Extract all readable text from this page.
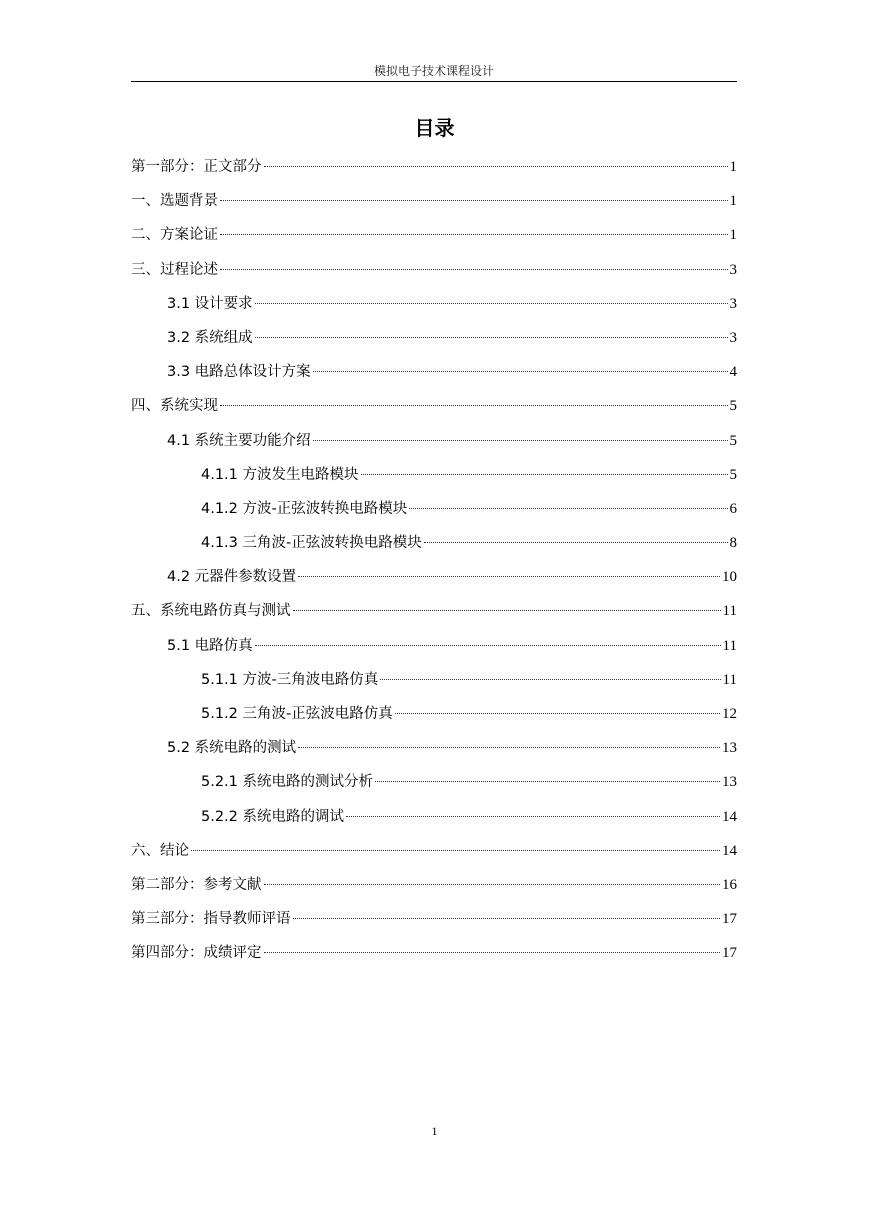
模拟电子技术课程设计
目录
第一部分：正文部分	1
一、选题背景	1
二、方案论证	1
三、过程论述	3
3.1 设计要求	3
3.2 系统组成	3
3.3 电路总体设计方案	4
四、系统实现	5
4.1 系统主要功能介绍	5
4.1.1 方波发生电路模块	5
4.1.2 方波-正弦波转换电路模块	6
4.1.3 三角波-正弦波转换电路模块	8
4.2 元器件参数设置	10
五、系统电路仿真与测试	11
5.1 电路仿真	11
5.1.1 方波-三角波电路仿真	11
5.1.2 三角波-正弦波电路仿真	12
5.2 系统电路的测试	13
5.2.1 系统电路的测试分析	13
5.2.2 系统电路的调试	14
六、结论	14
第二部分：参考文献	16
第三部分：指导教师评语	17
第四部分：成绩评定	17
1
